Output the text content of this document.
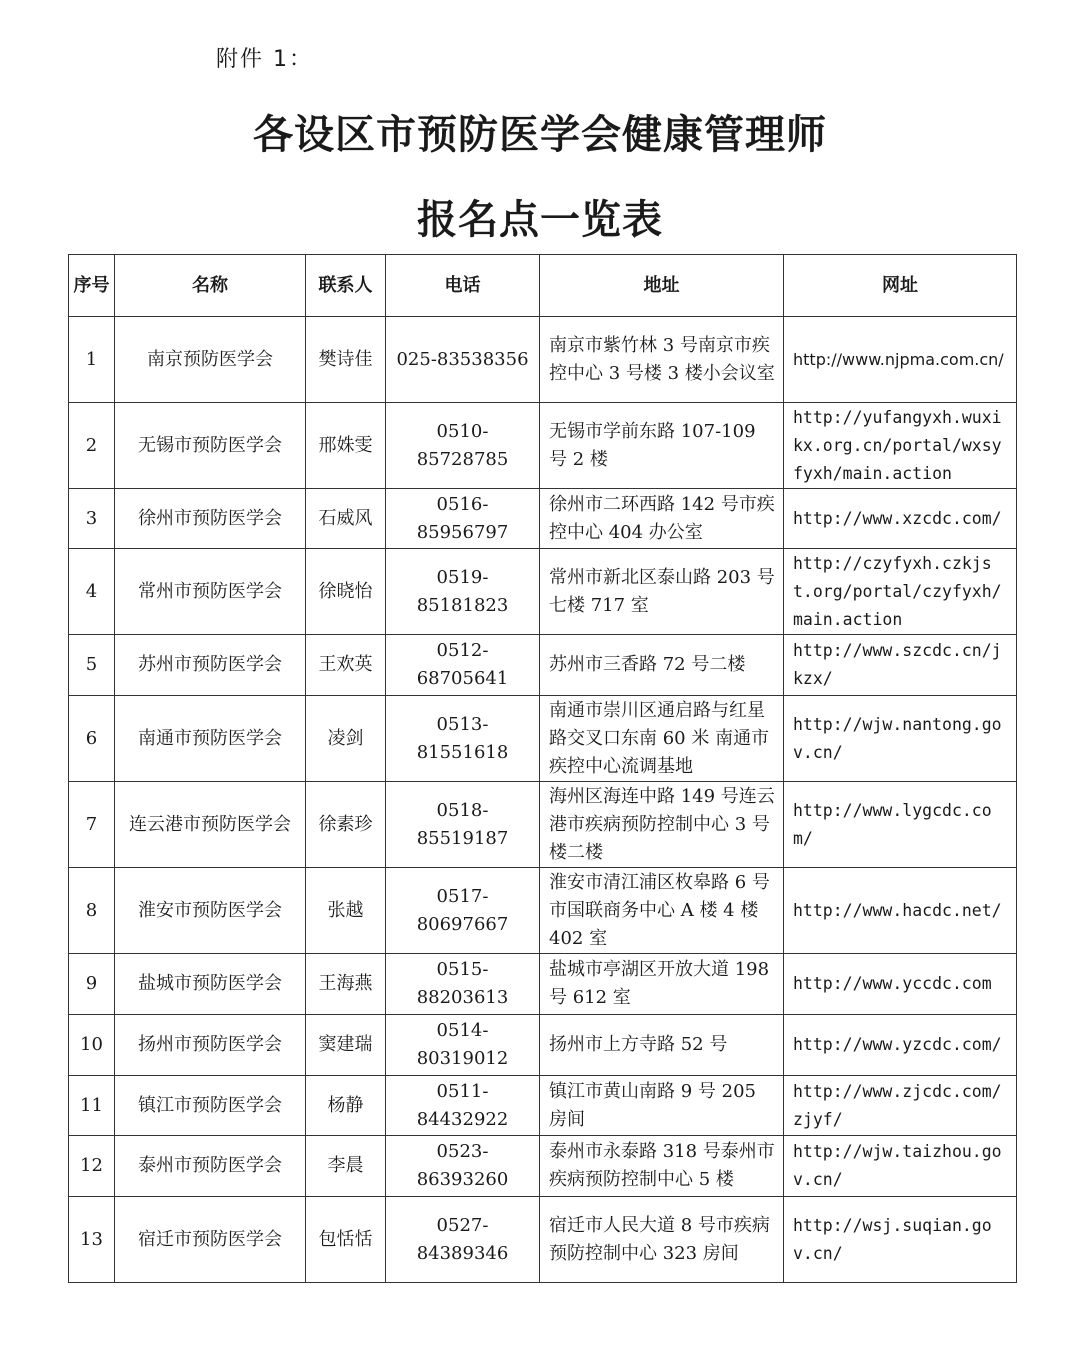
附件 1：
各设区市预防医学会健康管理师
报名点一览表
序号	名称	联系人	电话	地址	网址
1	南京预防医学会	樊诗佳	025-83538356	南京市紫竹林 3 号南京市疾控中心 3 号楼 3 楼小会议室	http://www.njpma.com.cn/
2	无锡市预防医学会	邢姝雯	0510-85728785	无锡市学前东路 107-109 号 2 楼	http://yufangyxh.wuxikx.org.cn/portal/wxsyfyxh/main.action
3	徐州市预防医学会	石威风	0516-85956797	徐州市二环西路 142 号市疾控中心 404 办公室	http://www.xzcdc.com/
4	常州市预防医学会	徐晓怡	0519-85181823	常州市新北区泰山路 203 号七楼 717 室	http://czyfyxh.czkjst.org/portal/czyfyxh/main.action
5	苏州市预防医学会	王欢英	0512-68705641	苏州市三香路 72 号二楼	http://www.szcdc.cn/jkzx/
6	南通市预防医学会	凌剑	0513-81551618	南通市崇川区通启路与红星路交叉口东南 60 米 南通市疾控中心流调基地	http://wjw.nantong.gov.cn/
7	连云港市预防医学会	徐素珍	0518-85519187	海州区海连中路 149 号连云港市疾病预防控制中心 3 号楼二楼	http://www.lygcdc.com/
8	淮安市预防医学会	张越	0517-80697667	淮安市清江浦区枚皋路 6 号市国联商务中心 A 楼 4 楼 402 室	http://www.hacdc.net/
9	盐城市预防医学会	王海燕	0515-88203613	盐城市亭湖区开放大道 198 号 612 室	http://www.yccdc.com
10	扬州市预防医学会	窦建瑞	0514-80319012	扬州市上方寺路 52 号	http://www.yzcdc.com/
11	镇江市预防医学会	杨静	0511-84432922	镇江市黄山南路 9 号 205 房间	http://www.zjcdc.com/zjyf/
12	泰州市预防医学会	李晨	0523-86393260	泰州市永泰路 318 号泰州市疾病预防控制中心 5 楼	http://wjw.taizhou.gov.cn/
13	宿迁市预防医学会	包恬恬	0527-84389346	宿迁市人民大道 8 号市疾病预防控制中心 323 房间	http://wsj.suqian.gov.cn/
